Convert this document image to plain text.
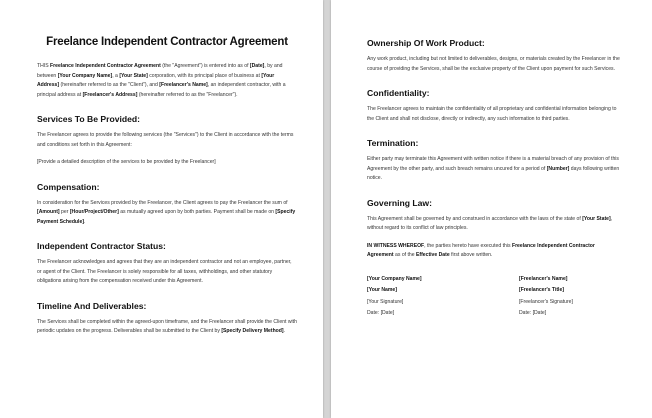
Freelance Independent Contractor Agreement

THIS Freelance Independent Contractor Agreement (the "Agreement") is entered into as of [Date], by and between [Your Company Name], a [Your State] corporation, with its principal place of business at [Your Address] (hereinafter referred to as the "Client"), and [Freelancer's Name], an independent contractor, with a principal address at [Freelancer's Address] (hereinafter referred to as the "Freelancer").

Services To Be Provided:

The Freelancer agrees to provide the following services (the "Services") to the Client in accordance with the terms and conditions set forth in this Agreement:

[Provide a detailed description of the services to be provided by the Freelancer]

Compensation:

In consideration for the Services provided by the Freelancer, the Client agrees to pay the Freelancer the sum of [Amount] per [Hour/Project/Other] as mutually agreed upon by both parties. Payment shall be made on [Specify Payment Schedule].

Independent Contractor Status:

The Freelancer acknowledges and agrees that they are an independent contractor and not an employee, partner, or agent of the Client. The Freelancer is solely responsible for all taxes, withholdings, and other statutory obligations arising from the compensation received under this Agreement.

Timeline And Deliverables:

The Services shall be completed within the agreed-upon timeframe, and the Freelancer shall provide the Client with periodic updates on the progress. Deliverables shall be submitted to the Client by [Specify Delivery Method].

Ownership Of Work Product:

Any work product, including but not limited to deliverables, designs, or materials created by the Freelancer in the course of providing the Services, shall be the exclusive property of the Client upon payment for such Services.

Confidentiality:

The Freelancer agrees to maintain the confidentiality of all proprietary and confidential information belonging to the Client and shall not disclose, directly or indirectly, any such information to third parties.

Termination:

Either party may terminate this Agreement with written notice if there is a material breach of any provision of this Agreement by the other party, and such breach remains uncured for a period of [Number] days following written notice.

Governing Law:

This Agreement shall be governed by and construed in accordance with the laws of the state of [Your State], without regard to its conflict of law principles.

IN WITNESS WHEREOF, the parties hereto have executed this Freelance Independent Contractor Agreement as of the Effective Date first above written.

[Your Company Name]	[Freelancer's Name]
[Your Name]	[Freelancer's Title]
[Your Signature]	[Freelancer's Signature]
Date: [Date]	Date: [Date]
